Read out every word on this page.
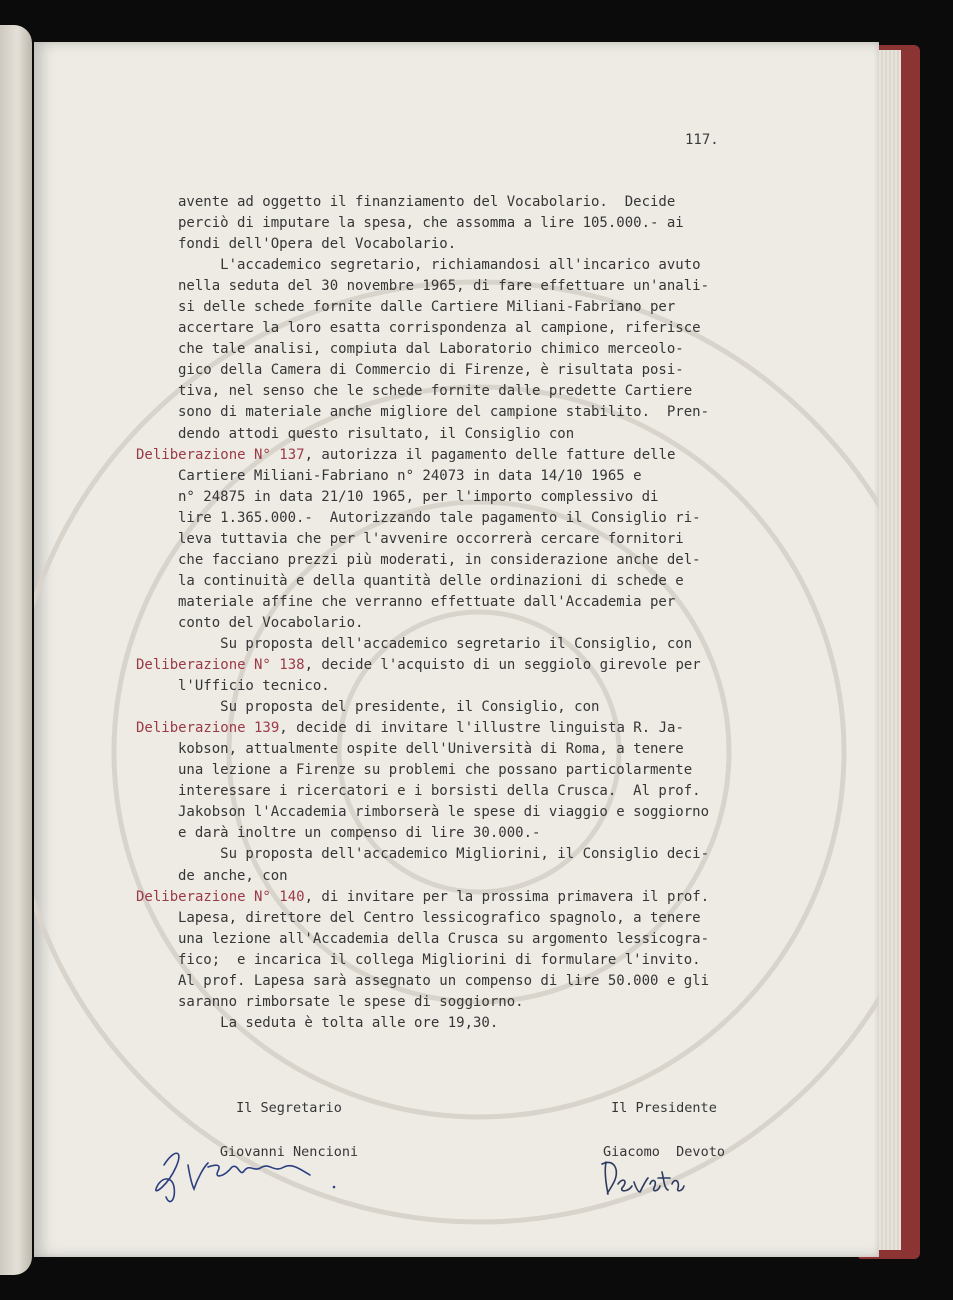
117.
avente ad oggetto il finanziamento del Vocabolario.  Decide
perciò di imputare la spesa, che assomma a lire 105.000.- ai
fondi dell'Opera del Vocabolario.
L'accademico segretario, richiamandosi all'incarico avuto
nella seduta del 30 novembre 1965, di fare effettuare un'anali-
si delle schede fornite dalle Cartiere Miliani-Fabriano per
accertare la loro esatta corrispondenza al campione, riferisce
che tale analisi, compiuta dal Laboratorio chimico merceolo-
gico della Camera di Commercio di Firenze, è risultata posi-
tiva, nel senso che le schede fornite dalle predette Cartiere
sono di materiale anche migliore del campione stabilito.  Pren-
dendo attodi questo risultato, il Consiglio con
Deliberazione N° 137 , autorizza il pagamento delle fatture delle
Cartiere Miliani-Fabriano n° 24073 in data 14/10 1965 e
n° 24875 in data 21/10 1965, per l'importo complessivo di
lire 1.365.000.-  Autorizzando tale pagamento il Consiglio ri-
leva tuttavia che per l'avvenire occorrerà cercare fornitori
che facciano prezzi più moderati, in considerazione anche del-
la continuità e della quantità delle ordinazioni di schede e
materiale affine che verranno effettuate dall'Accademia per
conto del Vocabolario.
Su proposta dell'accademico segretario il Consiglio, con
Deliberazione N° 138 , decide l'acquisto di un seggiolo girevole per
l'Ufficio tecnico.
Su proposta del presidente, il Consiglio, con
Deliberazione 139 , decide di invitare l'illustre linguista R. Ja-
kobson, attualmente ospite dell'Università di Roma, a tenere
una lezione a Firenze su problemi che possano particolarmente
interessare i ricercatori e i borsisti della Crusca.  Al prof.
Jakobson l'Accademia rimborserà le spese di viaggio e soggiorno
e darà inoltre un compenso di lire 30.000.-
Su proposta dell'accademico Migliorini, il Consiglio deci-
de anche, con
Deliberazione N° 140 , di invitare per la prossima primavera il prof.
Lapesa, direttore del Centro lessicografico spagnolo, a tenere
una lezione all'Accademia della Crusca su argomento lessicogra-
fico;  e incarica il collega Migliorini di formulare l'invito.
Al prof. Lapesa sarà assegnato un compenso di lire 50.000 e gli
saranno rimborsate le spese di soggiorno.
La seduta è tolta alle ore 19,30.

Il Segretario

Giovanni Nencioni

Il Presidente

Giacomo  Devoto
